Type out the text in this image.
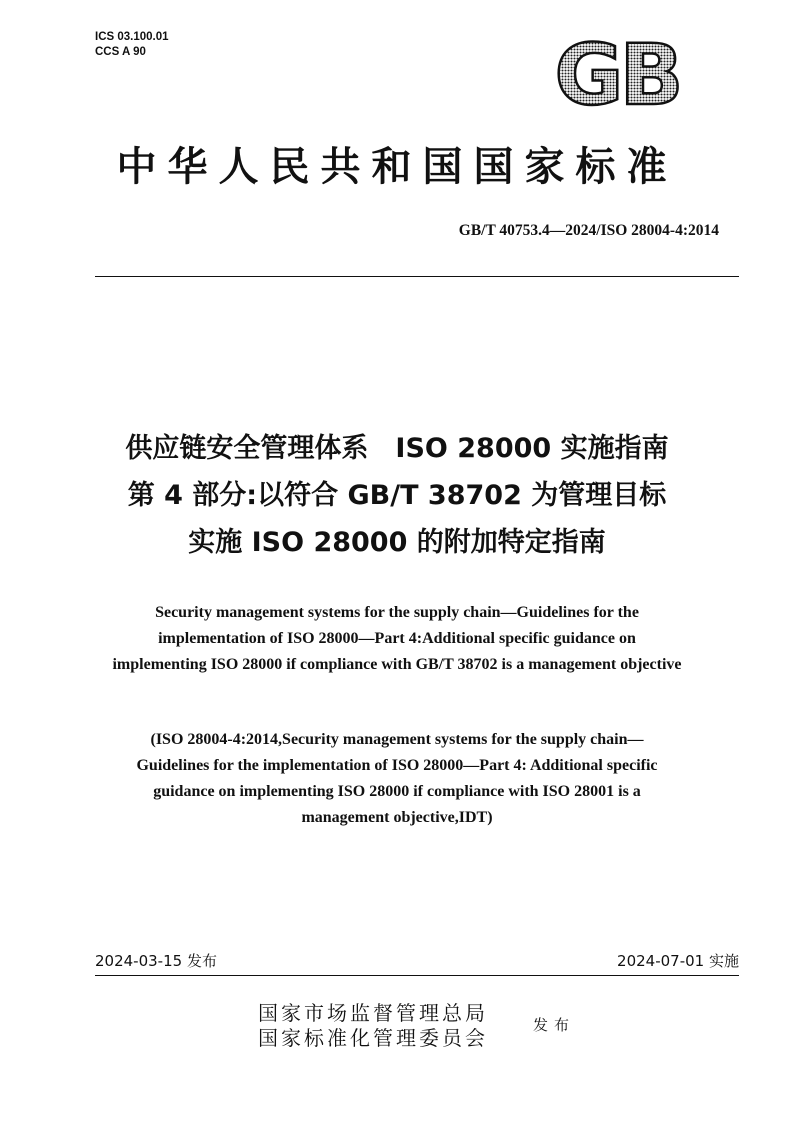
ICS 03.100.01
CCS A 90	GB
中华人民共和国国家标准
GB/T 40753.4—2024/ISO 28004-4:2014
供应链安全管理体系　ISO 28000 实施指南
第 4 部分:以符合 GB/T 38702 为管理目标
实施 ISO 28000 的附加特定指南
Security management systems for the supply chain—Guidelines for the
implementation of ISO 28000—Part 4:Additional specific guidance on
implementing ISO 28000 if compliance with GB/T 38702 is a management objective
(ISO 28004-4:2014,Security management systems for the supply chain—
Guidelines for the implementation of ISO 28000—Part 4: Additional specific
guidance on implementing ISO 28000 if compliance with ISO 28001 is a
management objective,IDT)
2024-03-15 发布	2024-07-01 实施
国家市场监督管理总局
国家标准化管理委员会
发布
